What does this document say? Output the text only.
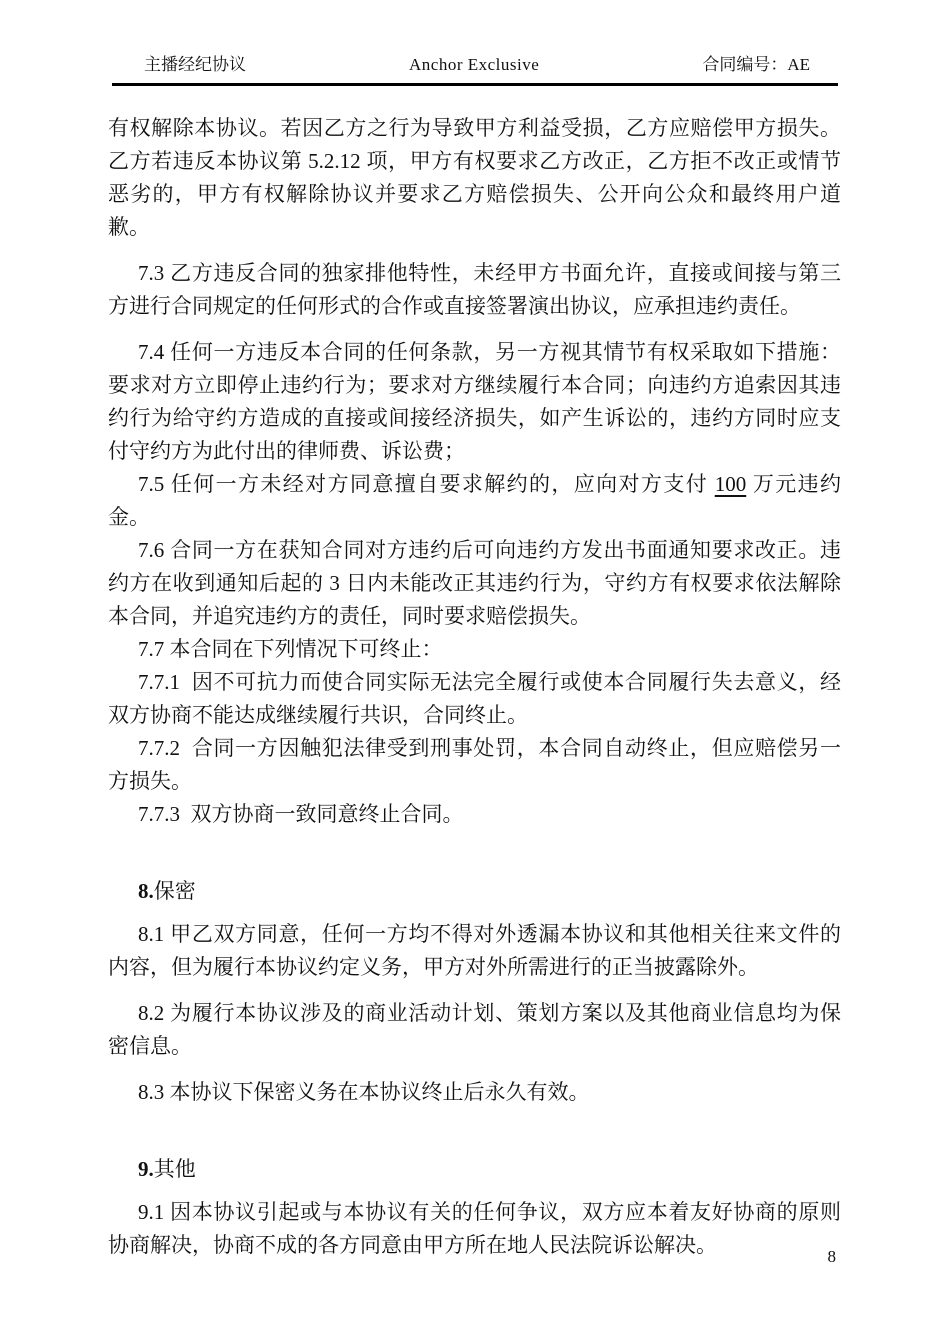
主播经纪协议	Anchor Exclusive	合同编号：AE

有权解除本协议。若因乙方之行为导致甲方利益受损，乙方应赔偿甲方损失。乙方若违反本协议第 5.2.12 项，甲方有权要求乙方改正，乙方拒不改正或情节恶劣的，甲方有权解除协议并要求乙方赔偿损失、公开向公众和最终用户道歉。

7.3 乙方违反合同的独家排他特性，未经甲方书面允许，直接或间接与第三方进行合同规定的任何形式的合作或直接签署演出协议，应承担违约责任。

7.4 任何一方违反本合同的任何条款，另一方视其情节有权采取如下措施：要求对方立即停止违约行为；要求对方继续履行本合同；向违约方追索因其违约行为给守约方造成的直接或间接经济损失，如产生诉讼的，违约方同时应支付守约方为此付出的律师费、诉讼费；

7.5 任何一方未经对方同意擅自要求解约的，应向对方支付 100 万元违约金。

7.6 合同一方在获知合同对方违约后可向违约方发出书面通知要求改正。违约方在收到通知后起的 3 日内未能改正其违约行为，守约方有权要求依法解除本合同，并追究违约方的责任，同时要求赔偿损失。

7.7 本合同在下列情况下可终止：

7.7.1  因不可抗力而使合同实际无法完全履行或使本合同履行失去意义，经双方协商不能达成继续履行共识，合同终止。

7.7.2  合同一方因触犯法律受到刑事处罚，本合同自动终止，但应赔偿另一方损失。

7.7.3  双方协商一致同意终止合同。

8.保密

8.1 甲乙双方同意，任何一方均不得对外透漏本协议和其他相关往来文件的内容，但为履行本协议约定义务，甲方对外所需进行的正当披露除外。

8.2 为履行本协议涉及的商业活动计划、策划方案以及其他商业信息均为保密信息。

8.3 本协议下保密义务在本协议终止后永久有效。

9.其他

9.1 因本协议引起或与本协议有关的任何争议，双方应本着友好协商的原则协商解决，协商不成的各方同意由甲方所在地人民法院诉讼解决。	8
